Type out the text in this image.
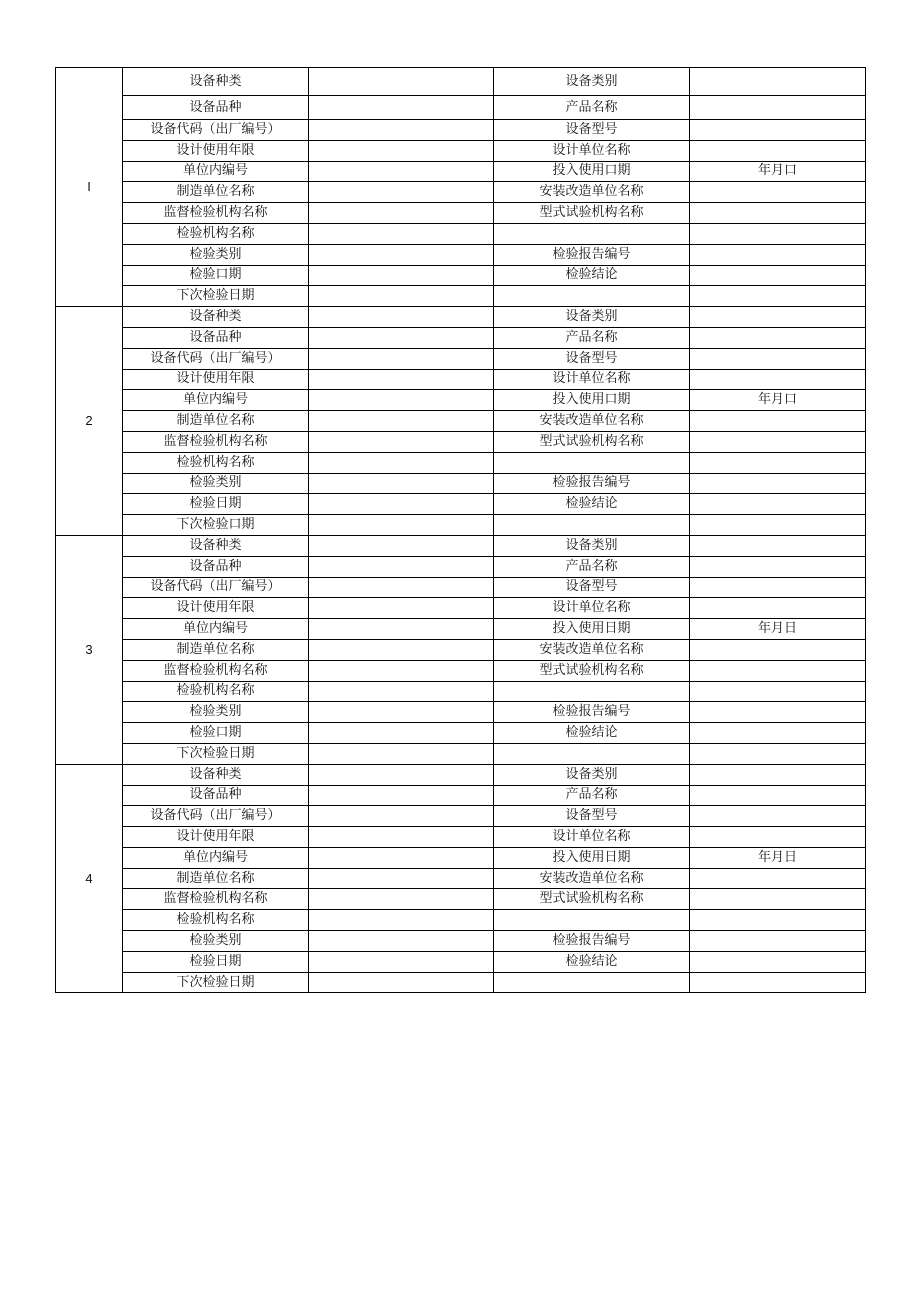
I	设备种类		设备类别	
	设备品种		产品名称	
	设备代码（出厂编号）		设备型号	
	设计使用年限		设计单位名称	
	单位内编号		投入使用口期	年月口
	制造单位名称		安装改造单位名称	
	监督检验机构名称		型式试验机构名称	
	检验机构名称			
	检验类别		检验报告编号	
	检验口期		检验结论	
	下次检验日期			
2	设备种类		设备类别	
	设备品种		产品名称	
	设备代码（出厂编号）		设备型号	
	设计使用年限		设计单位名称	
	单位内编号		投入使用口期	年月口
	制造单位名称		安装改造单位名称	
	监督检验机构名称		型式试验机构名称	
	检验机构名称			
	检验类别		检验报告编号	
	检验日期		检验结论	
	下次检验口期			
3	设备种类		设备类别	
	设备品种		产品名称	
	设备代码（出厂编号）		设备型号	
	设计使用年限		设计单位名称	
	单位内编号		投入使用日期	年月日
	制造单位名称		安装改造单位名称	
	监督检验机构名称		型式试验机构名称	
	检验机构名称			
	检验类别		检验报告编号	
	检验口期		检验结论	
	下次检验日期			
4	设备种类		设备类别	
	设备品种		产品名称	
	设备代码（出厂编号）		设备型号	
	设计使用年限		设计单位名称	
	单位内编号		投入使用日期	年月日
	制造单位名称		安装改造单位名称	
	监督检验机构名称		型式试验机构名称	
	检验机构名称			
	检验类别		检验报告编号	
	检验日期		检验结论	
	下次检验日期			
